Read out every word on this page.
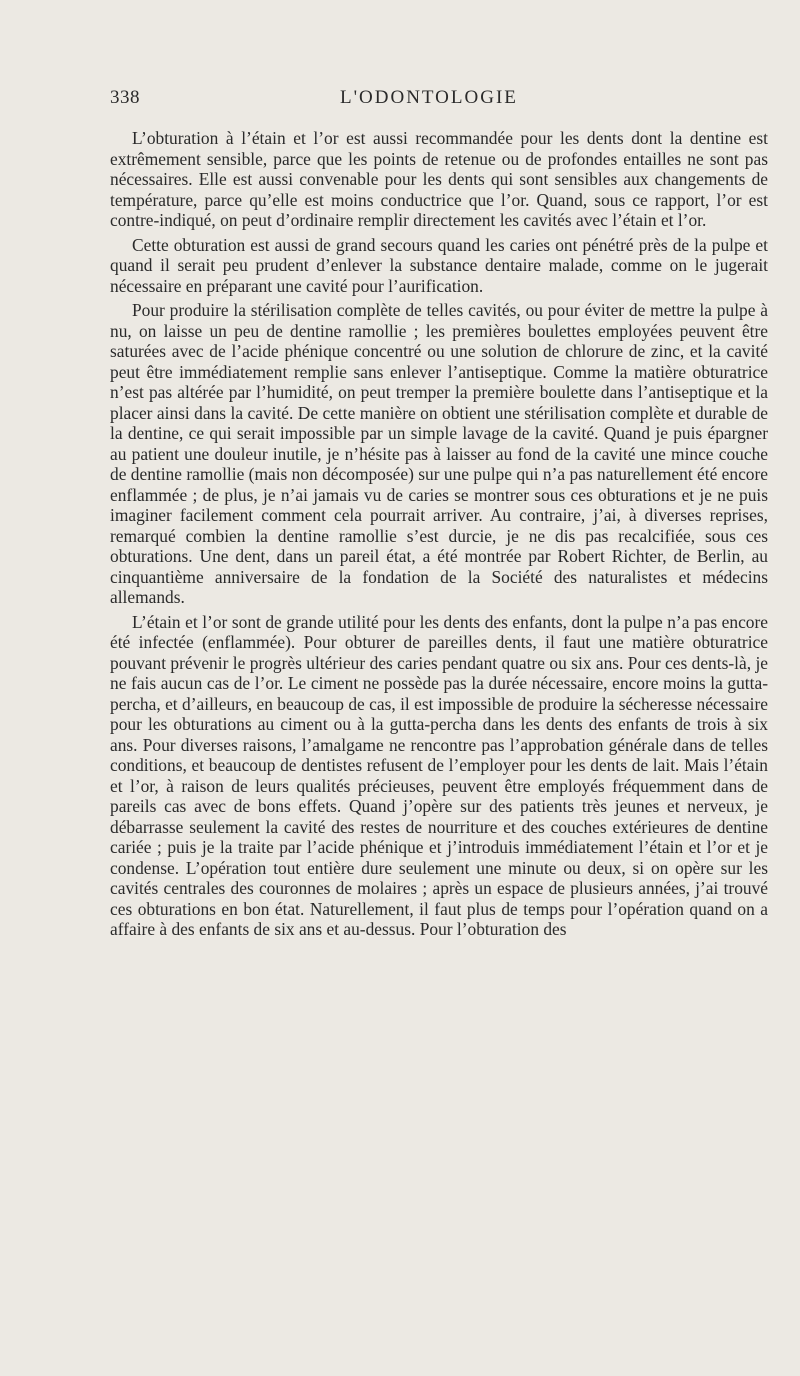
338	L'ODONTOLOGIE

L’obturation à l’étain et l’or est aussi recommandée pour les dents dont la dentine est extrêmement sensible, parce que les points de retenue ou de profondes entailles ne sont pas nécessaires. Elle est aussi convenable pour les dents qui sont sensibles aux changements de température, parce qu’elle est moins conductrice que l’or. Quand, sous ce rapport, l’or est contre-indiqué, on peut d’ordinaire remplir directement les cavités avec l’étain et l’or.

Cette obturation est aussi de grand secours quand les caries ont pénétré près de la pulpe et quand il serait peu prudent d’enlever la substance dentaire malade, comme on le jugerait nécessaire en préparant une cavité pour l’aurification.

Pour produire la stérilisation complète de telles cavités, ou pour éviter de mettre la pulpe à nu, on laisse un peu de dentine ramollie ; les premières boulettes employées peuvent être saturées avec de l’acide phénique concentré ou une solution de chlorure de zinc, et la cavité peut être immédiatement remplie sans enlever l’antiseptique. Comme la matière obturatrice n’est pas altérée par l’humidité, on peut tremper la première boulette dans l’antiseptique et la placer ainsi dans la cavité. De cette manière on obtient une stérilisation complète et durable de la dentine, ce qui serait impossible par un simple lavage de la cavité. Quand je puis épargner au patient une douleur inutile, je n’hésite pas à laisser au fond de la cavité une mince couche de dentine ramollie (mais non décomposée) sur une pulpe qui n’a pas naturellement été encore enflammée ; de plus, je n’ai jamais vu de caries se montrer sous ces obturations et je ne puis imaginer facilement comment cela pourrait arriver. Au contraire, j’ai, à diverses reprises, remarqué combien la dentine ramollie s’est durcie, je ne dis pas recalcifiée, sous ces obturations. Une dent, dans un pareil état, a été montrée par Robert Richter, de Berlin, au cinquantième anniversaire de la fondation de la Société des naturalistes et médecins allemands.

L’étain et l’or sont de grande utilité pour les dents des enfants, dont la pulpe n’a pas encore été infectée (enflammée). Pour obturer de pareilles dents, il faut une matière obturatrice pouvant prévenir le progrès ultérieur des caries pendant quatre ou six ans. Pour ces dents-là, je ne fais aucun cas de l’or. Le ciment ne possède pas la durée nécessaire, encore moins la gutta-percha, et d’ailleurs, en beaucoup de cas, il est impossible de produire la sécheresse nécessaire pour les obturations au ciment ou à la gutta-percha dans les dents des enfants de trois à six ans. Pour diverses raisons, l’amalgame ne rencontre pas l’approbation générale dans de telles conditions, et beaucoup de dentistes refusent de l’employer pour les dents de lait. Mais l’étain et l’or, à raison de leurs qualités précieuses, peuvent être employés fréquemment dans de pareils cas avec de bons effets. Quand j’opère sur des patients très jeunes et nerveux, je débarrasse seulement la cavité des restes de nourriture et des couches extérieures de dentine cariée ; puis je la traite par l’acide phénique et j’introduis immédiatement l’étain et l’or et je condense. L’opération tout entière dure seulement une minute ou deux, si on opère sur les cavités centrales des couronnes de molaires ; après un espace de plusieurs années, j’ai trouvé ces obturations en bon état. Naturellement, il faut plus de temps pour l’opération quand on a affaire à des enfants de six ans et au-dessus. Pour l’obturation des
